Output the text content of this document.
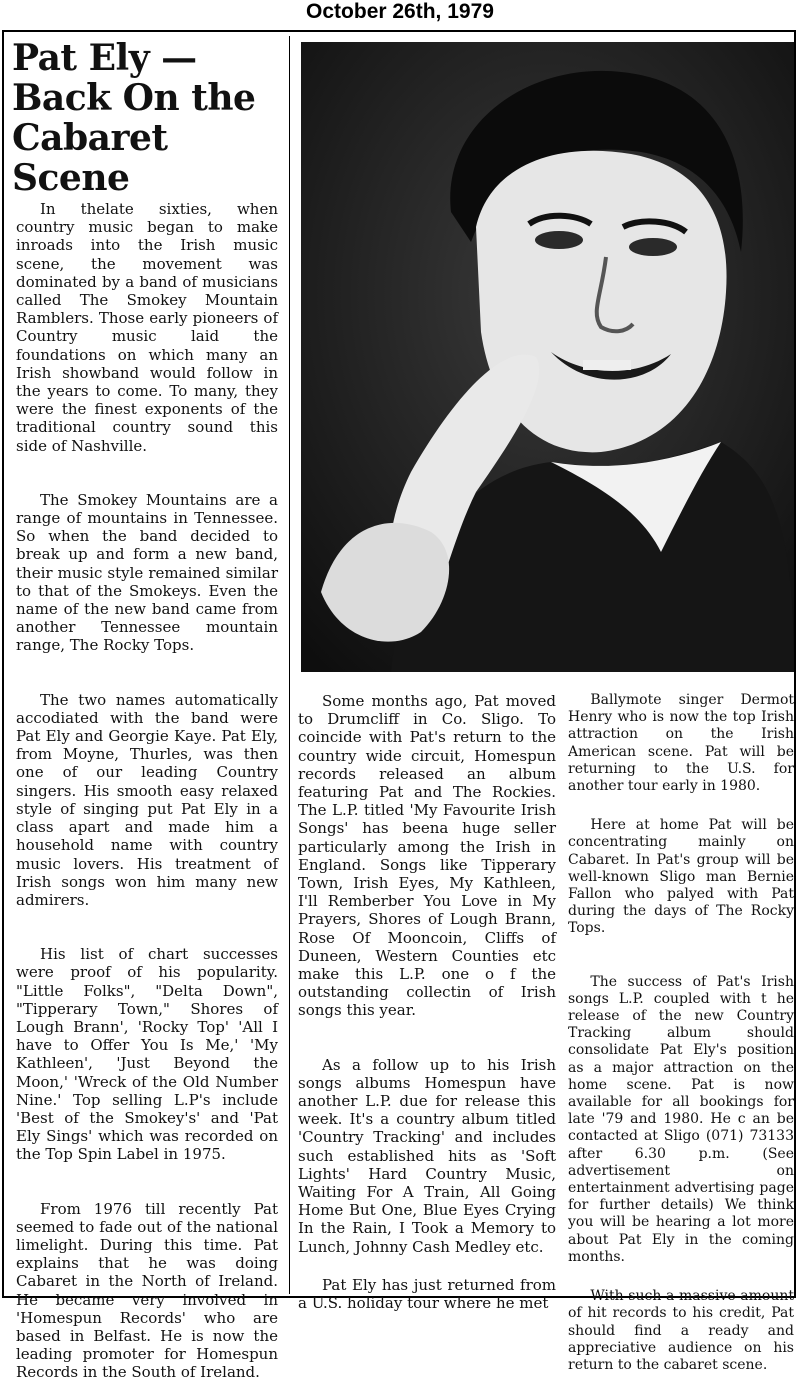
October 26th, 1979
Pat Ely —
Back On the
Cabaret Scene

In thelate sixties, when country music began to make inroads into the Irish music scene, the movement was dominated by a band of musicians called The Smokey Mountain Ramblers. Those early pioneers of Country music laid the foundations on which many an Irish showband would follow in the years to come. To many, they were the finest exponents of the traditional country sound this side of Nashville.

The Smokey Mountains are a range of mountains in Tennessee. So when the band decided to break up and form a new band, their music style remained similar to that of the Smokeys. Even the name of the new band came from another Tennessee mountain range, The Rocky Tops.

The two names automatically accodiated with the band were Pat Ely and Georgie Kaye. Pat Ely, from Moyne, Thurles, was then one of our leading Country singers. His smooth easy relaxed style of singing put Pat Ely in a class apart and made him a household name with country music lovers. His treatment of Irish songs won him many new admirers.

His list of chart successes were proof of his popularity. "Little Folks", "Delta Down", "Tipperary Town," Shores of Lough Brann', 'Rocky Top' 'All I have to Offer You Is Me,' 'My Kathleen', 'Just Beyond the Moon,' 'Wreck of the Old Number Nine.' Top selling L.P's include 'Best of the Smokey's' and 'Pat Ely Sings' which was recorded on the Top Spin Label in 1975.

From 1976 till recently Pat seemed to fade out of the national limelight. During this time. Pat explains that he was doing Cabaret in the North of Ireland. He became very involved in 'Homespun Records' who are based in Belfast. He is now the leading promoter for Homespun Records in the South of Ireland.

Some months ago, Pat moved to Drumcliff in Co. Sligo. To coincide with Pat's return to the country wide circuit, Homespun records released an album featuring Pat and The Rockies. The L.P. titled 'My Favourite Irish Songs' has beena huge seller particularly among the Irish in England. Songs like Tipperary Town, Irish Eyes, My Kathleen, I'll Remberber You Love in My Prayers, Shores of Lough Brann, Rose Of Mooncoin, Cliffs of Duneen, Western Counties etc make this L.P. one o f the outstanding collectin of Irish songs this year.

As a follow up to his Irish songs albums Homespun have another L.P. due for release this week. It's a country album titled 'Country Tracking' and includes such established hits as 'Soft Lights' Hard Country Music, Waiting For A Train, All Going Home But One, Blue Eyes Crying In the Rain, I Took a Memory to Lunch, Johnny Cash Medley etc.

Pat Ely has just returned from a U.S. holiday tour where he met

Ballymote singer Dermot Henry who is now the top Irish attraction on the Irish American scene. Pat will be returning to the U.S. for another tour early in 1980.

Here at home Pat will be concentrating mainly on Cabaret. In Pat's group will be well-known Sligo man Bernie Fallon who palyed with Pat during the days of The Rocky Tops.

The success of Pat's Irish songs L.P. coupled with t he release of the new Country Tracking album should consolidate Pat Ely's position as a major attraction on the home scene. Pat is now available for all bookings for late '79 and 1980. He c an be contacted at Sligo (071) 73133 after 6.30 p.m. (See advertisement on entertainment advertising page for further details) We think you will be hearing a lot more about Pat Ely in the coming months.

With such a massive amount of hit records to his credit, Pat should find a ready and appreciative audience on his return to the cabaret scene.
